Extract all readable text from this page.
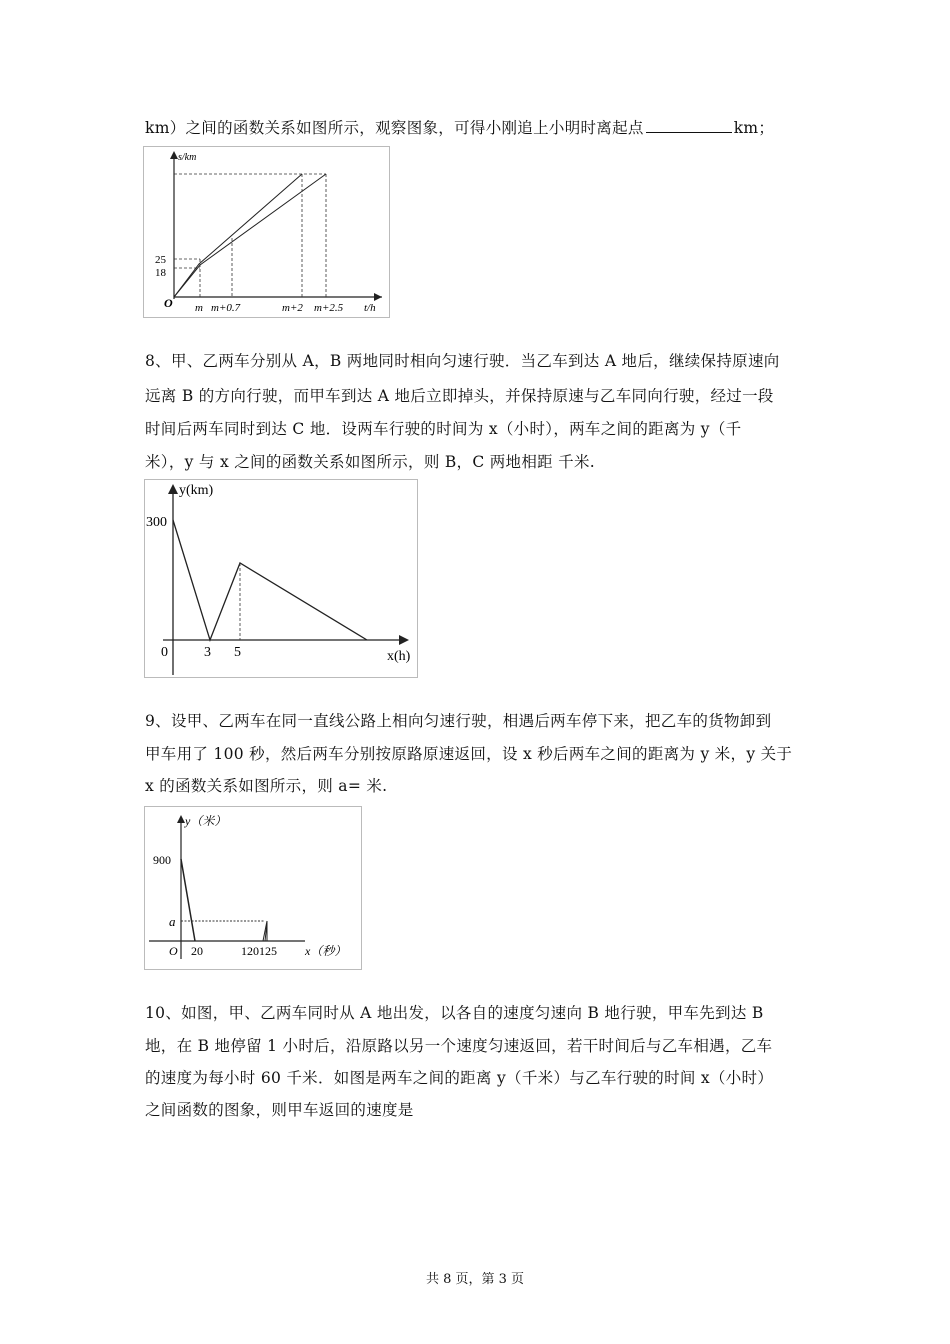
km）之间的函数关系如图所示，观察图象，可得小刚追上小明时离起点	km；
s/km
t/h
O
25
18
m m+0.7	m+2 m+2.5
8、甲、乙两车分别从 A，B 两地同时相向匀速行驶．当乙车到达 A 地后，继续保持原速向
远离 B 的方向行驶，而甲车到达 A 地后立即掉头，并保持原速与乙车同向行驶，经过一段
时间后两车同时到达 C 地．设两车行驶的时间为 x（小时），两车之间的距离为 y（千
米），y 与 x 之间的函数关系如图所示，则 B，C 两地相距 千米.
y(km)
300
0	3 5	x(h)
9、设甲、乙两车在同一直线公路上相向匀速行驶，相遇后两车停下来，把乙车的货物卸到
甲车用了 100 秒，然后两车分别按原路原速返回，设 x 秒后两车之间的距离为 y 米，y 关于
x 的函数关系如图所示，则 a= 米.
y（米）
900
a
O 20	120125 x（秒）
10、如图，甲、乙两车同时从 A 地出发，以各自的速度匀速向 B 地行驶，甲车先到达 B
地，在 B 地停留 1 小时后，沿原路以另一个速度匀速返回，若干时间后与乙车相遇，乙车
的速度为每小时 60 千米．如图是两车之间的距离 y（千米）与乙车行驶的时间 x（小时）
之间函数的图象，则甲车返回的速度是
共 8 页，第 3 页
